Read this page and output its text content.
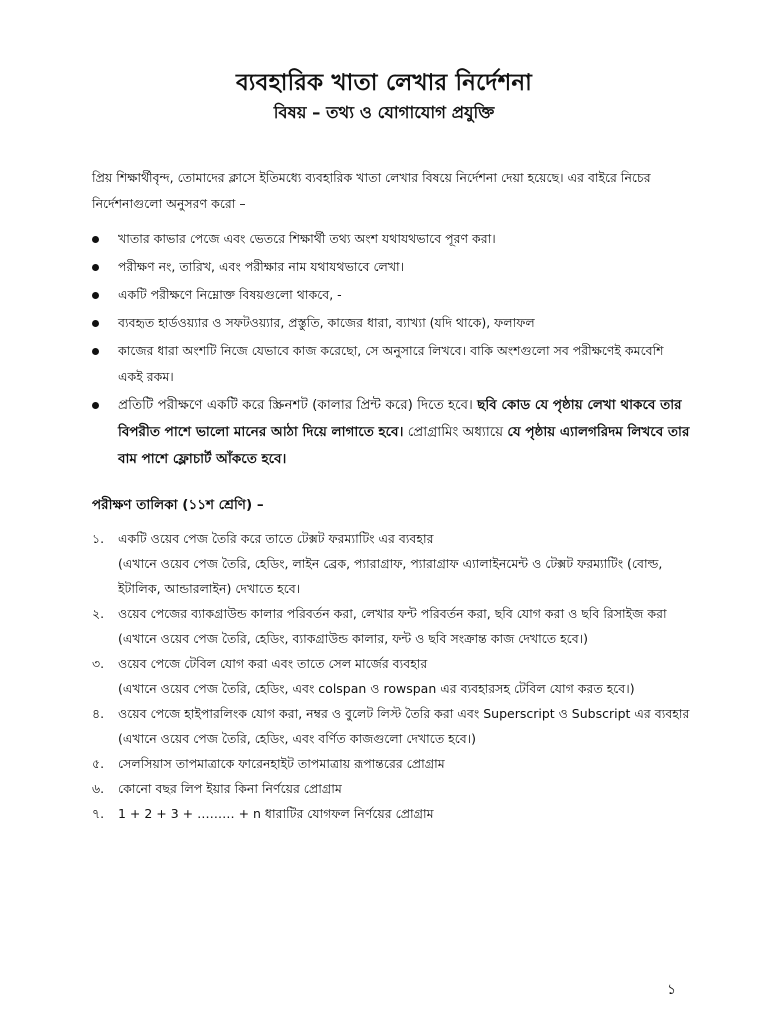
ব্যবহারিক খাতা লেখার নির্দেশনা
বিষয় – তথ্য ও যোগাযোগ প্রযুক্তি
প্রিয় শিক্ষার্থীবৃন্দ, তোমাদের ক্লাসে ইতিমধ্যে ব্যবহারিক খাতা লেখার বিষয়ে নির্দেশনা দেয়া হয়েছে। এর বাইরে নিচের নির্দেশনাগুলো অনুসরণ করো –
খাতার কাভার পেজে এবং ভেতরে শিক্ষার্থী তথ্য অংশ যথাযথভাবে পূরণ করা।
পরীক্ষণ নং, তারিখ, এবং পরীক্ষার নাম যথাযথভাবে লেখা।
একটি পরীক্ষণে নিম্নোক্ত বিষয়গুলো থাকবে, -
ব্যবহৃত হার্ডওয়্যার ও সফটওয়্যার, প্রস্তুতি, কাজের ধারা, ব্যাখ্যা (যদি থাকে), ফলাফল
কাজের ধারা অংশটি নিজে যেভাবে কাজ করেছো, সে অনুসারে লিখবে। বাকি অংশগুলো সব পরীক্ষণেই কমবেশি একই রকম।
প্রতিটি পরীক্ষণে একটি করে স্ক্রিনশট (কালার প্রিন্ট করে) দিতে হবে। ছবি কোড যে পৃষ্ঠায় লেখা থাকবে তার বিপরীত পাশে ভালো মানের আঠা দিয়ে লাগাতে হবে। প্রোগ্রামিং অধ্যায়ে যে পৃষ্ঠায় এ্যালগরিদম লিখবে তার বাম পাশে ফ্লোচার্ট আঁকতে হবে।
পরীক্ষণ তালিকা (১১শ শ্রেণি) –
১.	একটি ওয়েব পেজ তৈরি করে তাতে টেক্সট ফরম্যাটিং এর ব্যবহার
(এখানে ওয়েব পেজ তৈরি, হেডিং, লাইন ব্রেক, প্যারাগ্রাফ, প্যারাগ্রাফ এ্যালাইনমেন্ট ও টেক্সট ফরম্যাটিং (বোল্ড, ইটালিক, আন্ডারলাইন) দেখাতে হবে।
২.	ওয়েব পেজের ব্যাকগ্রাউন্ড কালার পরিবর্তন করা, লেখার ফন্ট পরিবর্তন করা, ছবি যোগ করা ও ছবি রিসাইজ করা
(এখানে ওয়েব পেজ তৈরি, হেডিং, ব্যাকগ্রাউন্ড কালার, ফন্ট ও ছবি সংক্রান্ত কাজ দেখাতে হবে।)
৩.	ওয়েব পেজে টেবিল যোগ করা এবং তাতে সেল মার্জের ব্যবহার
(এখানে ওয়েব পেজ তৈরি, হেডিং, এবং colspan ও rowspan এর ব্যবহারসহ টেবিল যোগ করত হবে।)
৪.	ওয়েব পেজে হাইপারলিংক যোগ করা, নম্বর ও বুলেট লিস্ট তৈরি করা এবং Superscript ও Subscript এর ব্যবহার
(এখানে ওয়েব পেজ তৈরি, হেডিং, এবং বর্ণিত কাজগুলো দেখাতে হবে।)
৫.	সেলসিয়াস তাপমাত্রাকে ফারেনহাইট তাপমাত্রায় রূপান্তরের প্রোগ্রাম
৬.	কোনো বছর লিপ ইয়ার কিনা নির্ণয়ের প্রোগ্রাম
৭.	1 + 2 + 3 + ……… + n ধারাটির যোগফল নির্ণয়ের প্রোগ্রাম
১
